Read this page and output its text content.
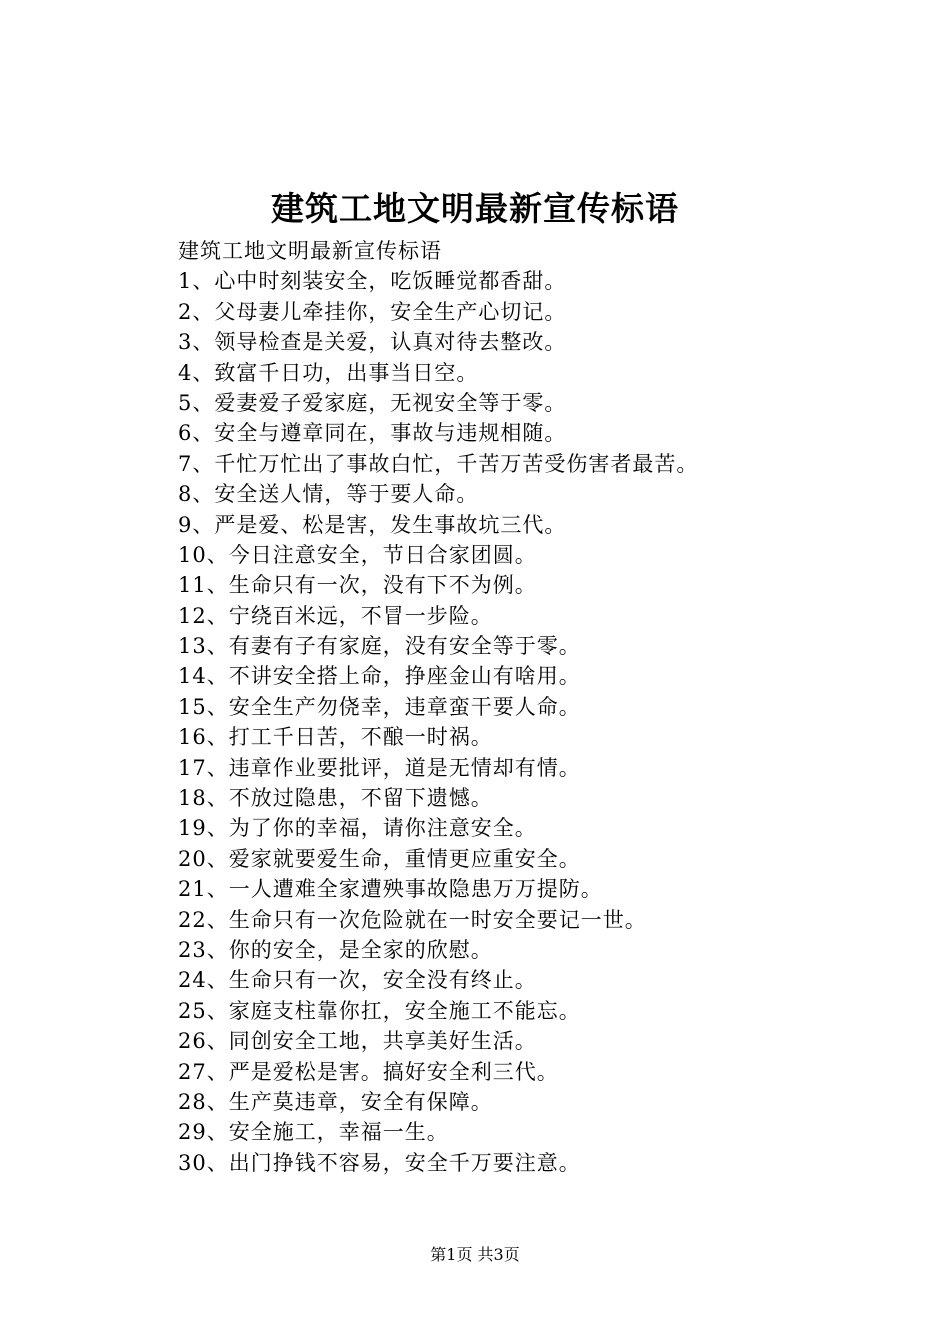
建筑工地文明最新宣传标语
建筑工地文明最新宣传标语
1、心中时刻装安全，吃饭睡觉都香甜。
2、父母妻儿牵挂你，安全生产心切记。
3、领导检查是关爱，认真对待去整改。
4、致富千日功，出事当日空。
5、爱妻爱子爱家庭，无视安全等于零。
6、安全与遵章同在，事故与违规相随。
7、千忙万忙出了事故白忙，千苦万苦受伤害者最苦。
8、安全送人情，等于要人命。
9、严是爱、松是害，发生事故坑三代。
10、今日注意安全，节日合家团圆。
11、生命只有一次，没有下不为例。
12、宁绕百米远，不冒一步险。
13、有妻有子有家庭，没有安全等于零。
14、不讲安全搭上命，挣座金山有啥用。
15、安全生产勿侥幸，违章蛮干要人命。
16、打工千日苦，不酿一时祸。
17、违章作业要批评，道是无情却有情。
18、不放过隐患，不留下遗憾。
19、为了你的幸福，请你注意安全。
20、爱家就要爱生命，重情更应重安全。
21、一人遭难全家遭殃事故隐患万万提防。
22、生命只有一次危险就在一时安全要记一世。
23、你的安全，是全家的欣慰。
24、生命只有一次，安全没有终止。
25、家庭支柱靠你扛，安全施工不能忘。
26、同创安全工地，共享美好生活。
27、严是爱松是害。搞好安全利三代。
28、生产莫违章，安全有保障。
29、安全施工，幸福一生。
30、出门挣钱不容易，安全千万要注意。
第1页 共3页
